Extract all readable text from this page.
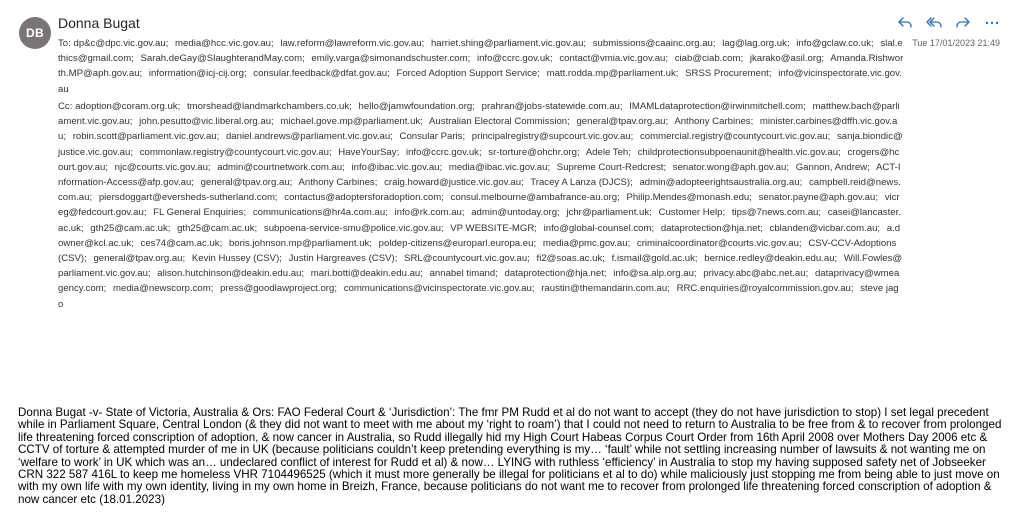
DB
Donna Bugat
Tue 17/01/2023 21:49
To: dp&c@dpc.vic.gov.au; media@hcc.vic.gov.au; law.reform@lawreform.vic.gov.au; harriet.shing@parliament.vic.gov.au; submissions@caainc.org.au; lag@lag.org.uk; info@gclaw.co.uk; slal.ethics@gmail.com; Sarah.deGay@SlaughterandMay.com; emily.varga@simonandschuster.com; info@ccrc.gov.uk; contact@vmia.vic.gov.au; ciab@ciab.com; jkarako@asil.org; Amanda.Rishworth.MP@aph.gov.au; information@icj-cij.org; consular.feedback@dfat.gov.au; Forced Adoption Support Service; matt.rodda.mp@parliament.uk; SRSS Procurement; info@vicinspectorate.vic.gov.au
Cc: adoption@coram.org.uk; tmorshead@landmarkchambers.co.uk; hello@jamwfoundation.org; prahran@jobs-statewide.com.au; IMAMLdataprotection@irwinmitchell.com; matthew.bach@parliament.vic.gov.au; john.pesutto@vic.liberal.org.au; michael.gove.mp@parliament.uk; Australian Electoral Commission; general@tpav.org.au; Anthony Carbines; minister.carbines@dffh.vic.gov.au; robin.scott@parliament.vic.gov.au; daniel.andrews@parliament.vic.gov.au; Consular Paris; principalregistry@supcourt.vic.gov.au; commercial.registry@countycourt.vic.gov.au; sanja.biondic@justice.vic.gov.au; commonlaw.registry@countycourt.vic.gov.au; HaveYourSay; info@ccrc.gov.uk; sr-torture@ohchr.org; Adele Teh; childprotectionsubpoenaunit@health.vic.gov.au; crogers@hcourt.gov.au; njc@courts.vic.gov.au; admin@courtnetwork.com.au; info@ibac.vic.gov.au; media@ibac.vic.gov.au; Supreme Court-Redcrest; senator.wong@aph.gov.au; Gannon, Andrew; ACT-Information-Access@afp.gov.au; general@tpav.org.au; Anthony Carbines; craig.howard@justice.vic.gov.au; Tracey A Lanza (DJCS); admin@adopteerightsaustralia.org.au; campbell.reid@news.com.au; piersdoggart@eversheds-sutherland.com; contactus@adoptersforadoption.com; consul.melbourne@ambafrance-au.org; Philip.Mendes@monash.edu; senator.payne@aph.gov.au; vicreg@fedcourt.gov.au; FL General Enquiries; communications@hr4a.com.au; info@rk.com.au; admin@untoday.org; jchr@parliament.uk; Customer Help; tips@7news.com.au; casei@lancaster.ac.uk; gth25@cam.ac.uk; gth25@cam.ac.uk; subpoena-service-smu@police.vic.gov.au; VP WEBSITE-MGR; info@global-counsel.com; dataprotection@hja.net; cblanden@vicbar.com.au; a.downer@kcl.ac.uk; ces74@cam.ac.uk; boris.johnson.mp@parliament.uk; poldep-citizens@europarl.europa.eu; media@pmc.gov.au; criminalcoordinator@courts.vic.gov.au; CSV-CCV-Adoptions (CSV); general@tpav.org.au; Kevin Hussey (CSV); Justin Hargreaves (CSV); SRL@countycourt.vic.gov.au; fi2@soas.ac.uk; f.ismail@gold.ac.uk; bernice.redley@deakin.edu.au; Will.Fowles@parliament.vic.gov.au; alison.hutchinson@deakin.edu.au; mari.botti@deakin.edu.au; annabel timand; dataprotection@hja.net; info@sa.alp.org.au; privacy.abc@abc.net.au; dataprivacy@wmeagency.com; media@newscorp.com; press@goodlawproject.org; communications@vicinspectorate.vic.gov.au; raustin@themandarin.com.au; RRC.enquiries@royalcommission.gov.au; steve jago
Donna Bugat -v- State of Victoria, Australia & Ors: FAO Federal Court & ‘Jurisdiction’: The fmr PM Rudd et al do not want to accept (they do not have jurisdiction to stop) I set legal precedent while in Parliament Square, Central London (& they did not want to meet with me about my ‘right to roam’) that I could not need to return to Australia to be free from & to recover from prolonged life threatening forced conscription of adoption, & now cancer in Australia, so Rudd illegally hid my High Court Habeas Corpus Court Order from 16th April 2008 over Mothers Day 2006 etc & CCTV of torture & attempted murder of me in UK (because politicians couldn’t keep pretending everything is my… ‘fault’ while not settling increasing number of lawsuits & not wanting me on ‘welfare to work’ in UK which was an… undeclared conflict of interest for Rudd et al) & now… LYING with ruthless ‘efficiency’ in Australia to stop my having supposed safety net of Jobseeker CRN 322 587 416L to keep me homeless VHR 7104496525 (which it must more generally be illegal for politicians et al to do) while maliciously just stopping me from being able to just move on with my own life with my own identity, living in my own home in Breizh, France, because politicians do not want me to recover from prolonged life threatening forced conscription of adoption & now cancer etc (18.01.2023)
